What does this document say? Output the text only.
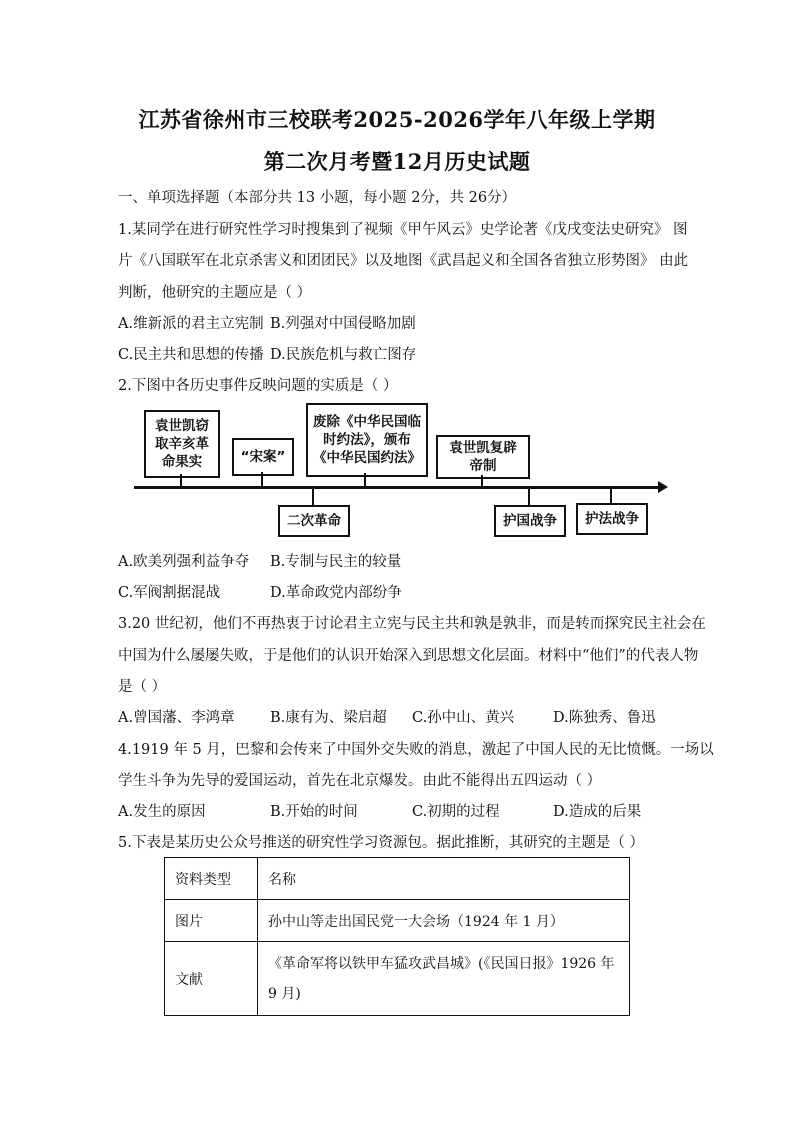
江苏省徐州市三校联考2025-2026学年八年级上学期
第二次月考暨12月历史试题
一、单项选择题（本部分共 13 小题，每小题 2分，共 26分）
1.某同学在进行研究性学习时搜集到了视频《甲午风云》史学论著《戊戌变法史研究》 图
片《八国联军在北京杀害义和团团民》以及地图《武昌起义和全国各省独立形势图》 由此
判断，他研究的主题应是（ ）
A.维新派的君主立宪制 B.列强对中国侵略加剧
C.民主共和思想的传播 D.民族危机与救亡图存
2.下图中各历史事件反映问题的实质是（ ）
袁世凯窃
取辛亥革
命果实	“宋案”
废除《中华民国临
时约法》，颁布
《中华民国约法》
袁世凯复辟
帝制
二次革命	护国战争	护法战争
A.欧美列强利益争夺 B.专制与民主的较量
C.军阀割据混战	D.革命政党内部纷争
3.20 世纪初，他们不再热衷于讨论君主立宪与民主共和孰是孰非，而是转而探究民主社会在
中国为什么屡屡失败，于是他们的认识开始深入到思想文化层面。材料中“他们”的代表人物
是（ ）
A.曾国藩、李鸿章 B.康有为、梁启超 C.孙中山、黄兴	D.陈独秀、鲁迅
4.1919 年 5 月，巴黎和会传来了中国外交失败的消息，激起了中国人民的无比愤慨。一场以
学生斗争为先导的爱国运动，首先在北京爆发。由此不能得出五四运动（ ）
A.发生的原因	B.开始的时间	C.初期的过程	D.造成的后果
5.下表是某历史公众号推送的研究性学习资源包。据此推断，其研究的主题是（ ）
资料类型	名称
图片	孙中山等走出国民党一大会场（1924 年 1 月）
文献	《革命军将以铁甲车猛攻武昌城》(《民国日报》1926 年 9 月)
